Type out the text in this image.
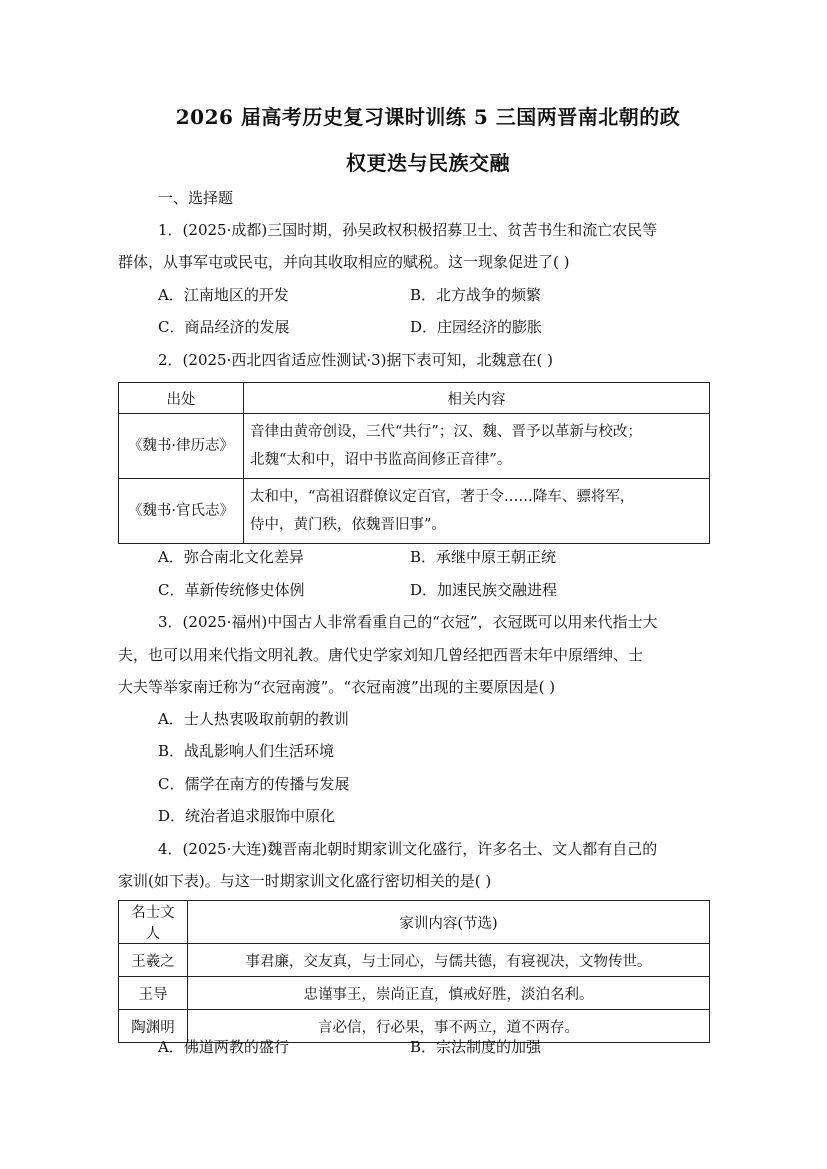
2026 届高考历史复习课时训练 5 三国两晋南北朝的政
权更迭与民族交融
一、选择题
1．(2025·成都)三国时期，孙吴政权积极招募卫士、贫苦书生和流亡农民等
群体，从事军屯或民屯，并向其收取相应的赋税。这一现象促进了( )
A．江南地区的开发	B．北方战争的频繁
C．商品经济的发展	D．庄园经济的膨胀
2．(2025·西北四省适应性测试·3)据下表可知，北魏意在( )
出处	相关内容
《魏书·律历志》	音律由黄帝创设，三代“共行”；汉、魏、晋予以革新与校改；
北魏“太和中，诏中书监高闾修正音律”。

《魏书·官氏志》	太和中，“高祖诏群僚议定百官，著于令……降车、骠将军，
侍中，黄门秩，依魏晋旧事”。
A．弥合南北文化差异	B．承继中原王朝正统
C．革新传统修史体例	D．加速民族交融进程
3．(2025·福州)中国古人非常看重自己的“衣冠”，衣冠既可以用来代指士大
夫，也可以用来代指文明礼教。唐代史学家刘知几曾经把西晋末年中原缙绅、士
大夫等举家南迁称为“衣冠南渡”。“衣冠南渡”出现的主要原因是( )
A．士人热衷吸取前朝的教训
B．战乱影响人们生活环境
C．儒学在南方的传播与发展
D．统治者追求服饰中原化
4．(2025·大连)魏晋南北朝时期家训文化盛行，许多名士、文人都有自己的
家训(如下表)。与这一时期家训文化盛行密切相关的是( )
名士文人	家训内容(节选)
王羲之	事君廉，交友真，与士同心，与儒共德，有寝视决，文物传世。
王导	忠谨事王，崇尚正直，慎戒好胜，淡泊名利。
陶渊明	言必信，行必果，事不两立，道不两存。
A．佛道两教的盛行	B．宗法制度的加强
